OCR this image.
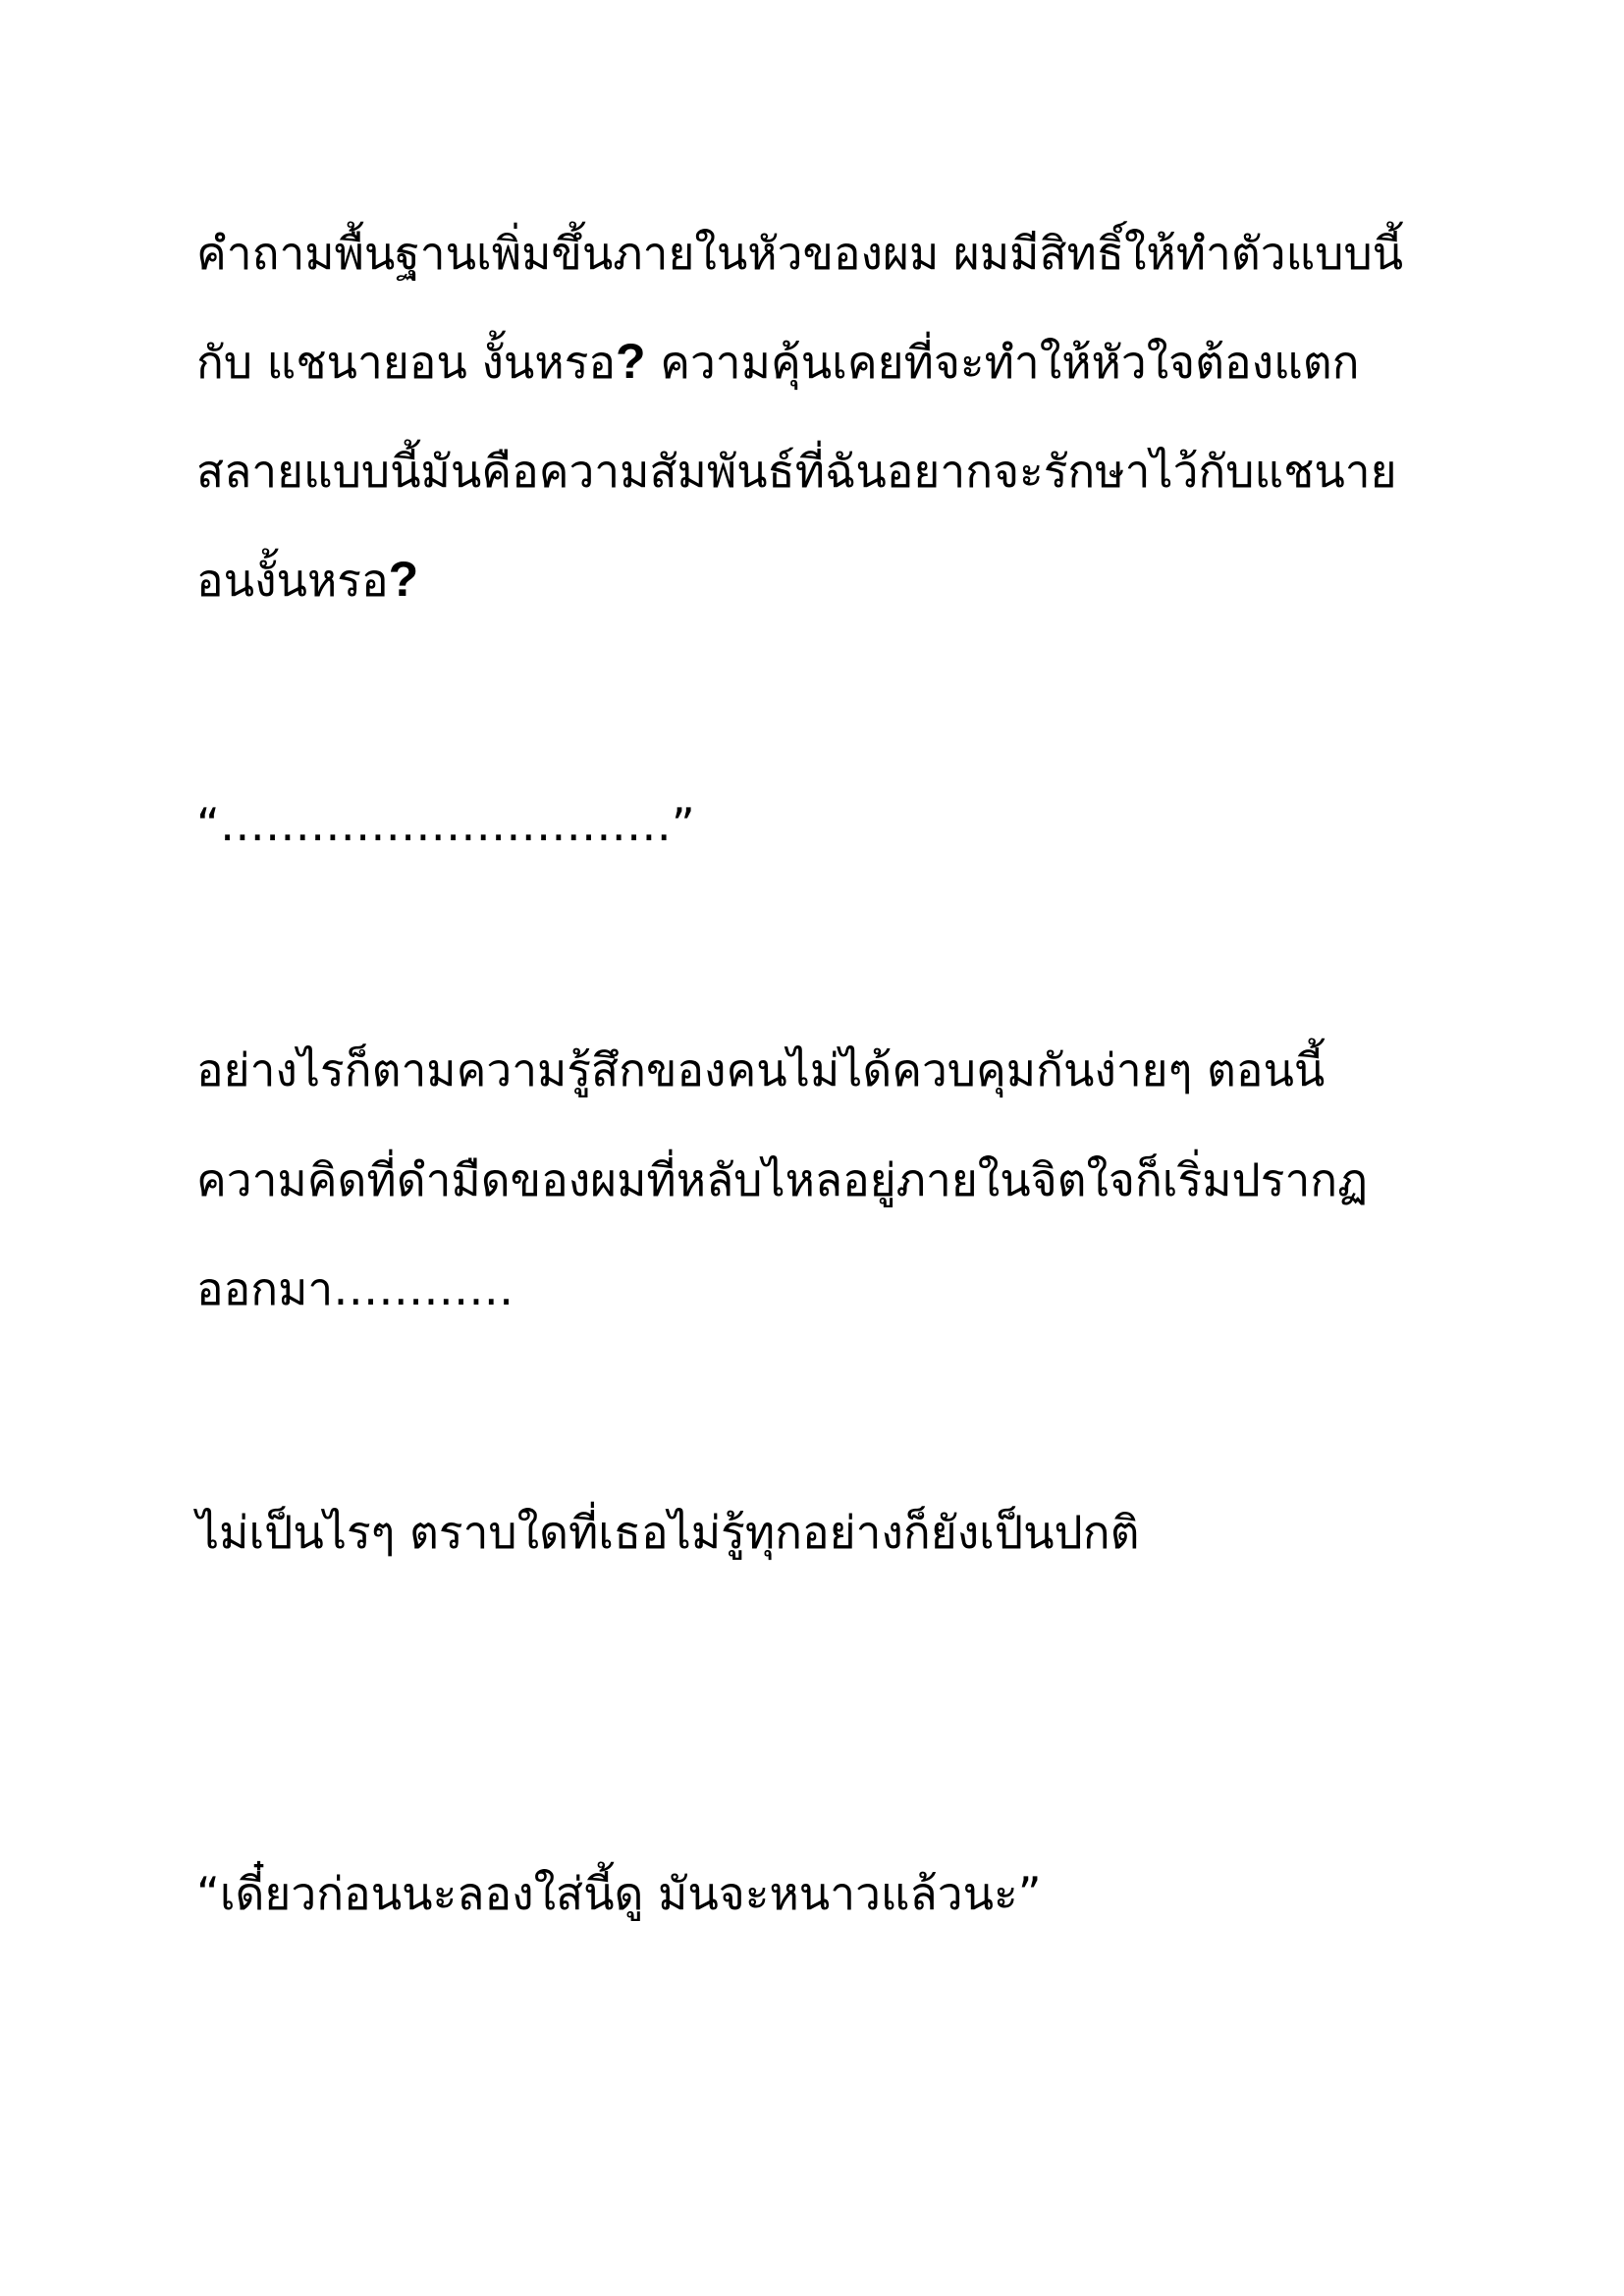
คำถามพื้นฐานเพิ่มขึ้นภายในหัวของผม ผมมีสิทธิ์ให้ทำตัวแบบนี้
กับ แชนายอน งั้นหรอ? ความคุ้นเคยที่จะทำให้หัวใจต้องแตก
สลายแบบนี้มันคือความสัมพันธ์ที่ฉันอยากจะรักษาไว้กับแชนาย
อนงั้นหรอ?
“…………………………”
อย่างไรก็ตามความรู้สึกของคนไม่ได้ควบคุมกันง่ายๆ ตอนนี้
ความคิดที่ดำมืดของผมที่หลับไหลอยู่ภายในจิตใจก็เริ่มปรากฏ
ออกมา…………
ไม่เป็นไรๆ ตราบใดที่เธอไม่รู้ทุกอย่างก็ยังเป็นปกติ
“เดี๋ยวก่อนนะลองใส่นี้ดู มันจะหนาวแล้วนะ”
